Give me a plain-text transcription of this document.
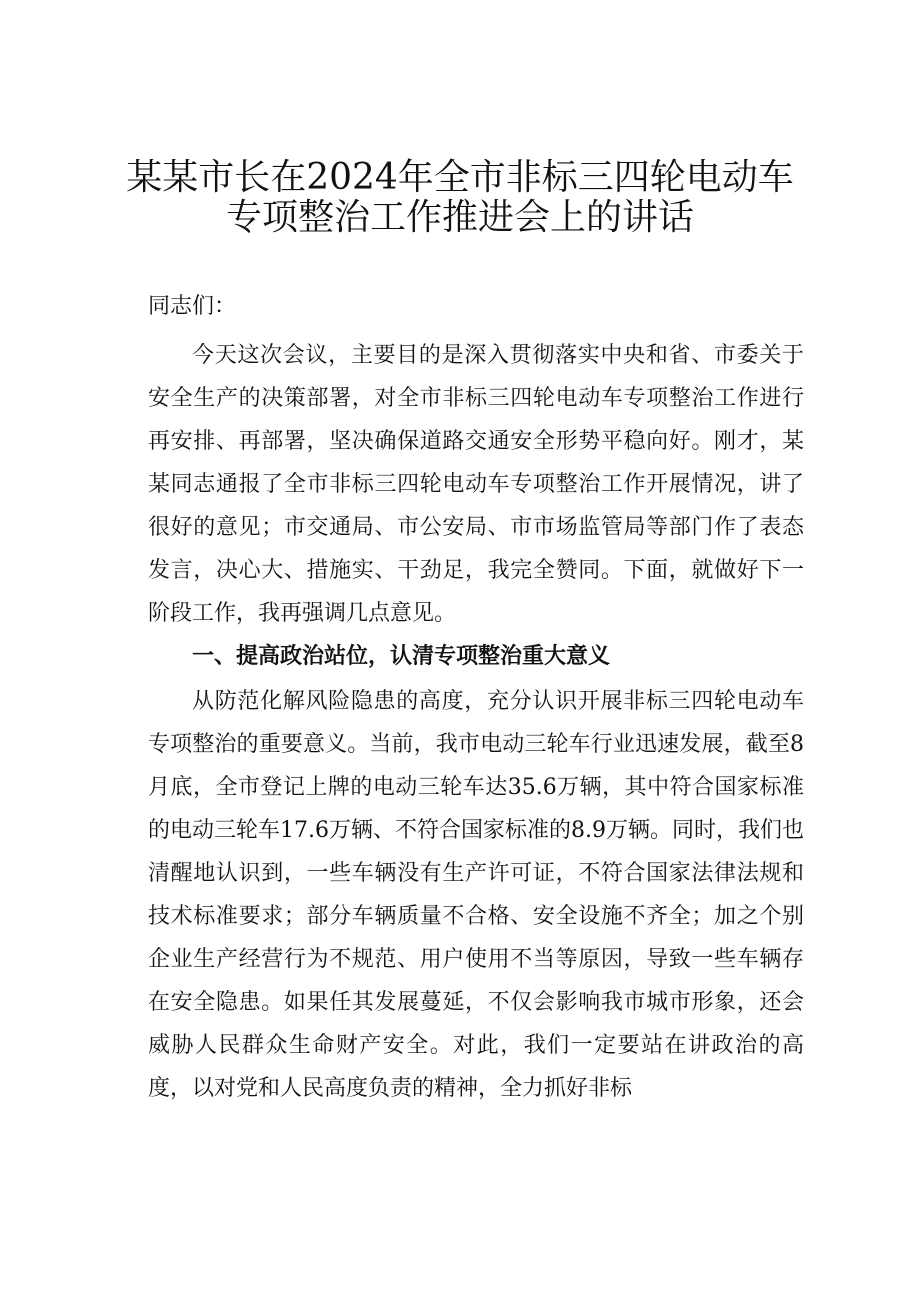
某某市长在2024年全市非标三四轮电动车
专项整治工作推进会上的讲话
同志们：

今天这次会议，主要目的是深入贯彻落实中央和省、市委关于安全生产的决策部署，对全市非标三四轮电动车专项整治工作进行再安排、再部署，坚决确保道路交通安全形势平稳向好。刚才，某某同志通报了全市非标三四轮电动车专项整治工作开展情况，讲了很好的意见；市交通局、市公安局、市市场监管局等部门作了表态发言，决心大、措施实、干劲足，我完全赞同。下面，就做好下一阶段工作，我再强调几点意见。

一、提高政治站位，认清专项整治重大意义

从防范化解风险隐患的高度，充分认识开展非标三四轮电动车专项整治的重要意义。当前，我市电动三轮车行业迅速发展，截至8月底，全市登记上牌的电动三轮车达35.6万辆，其中符合国家标准的电动三轮车17.6万辆、不符合国家标准的8.9万辆。同时，我们也清醒地认识到，一些车辆没有生产许可证，不符合国家法律法规和技术标准要求；部分车辆质量不合格、安全设施不齐全；加之个别企业生产经营行为不规范、用户使用不当等原因，导致一些车辆存在安全隐患。如果任其发展蔓延，不仅会影响我市城市形象，还会威胁人民群众生命财产安全。对此，我们一定要站在讲政治的高度，以对党和人民高度负责的精神，全力抓好非标
